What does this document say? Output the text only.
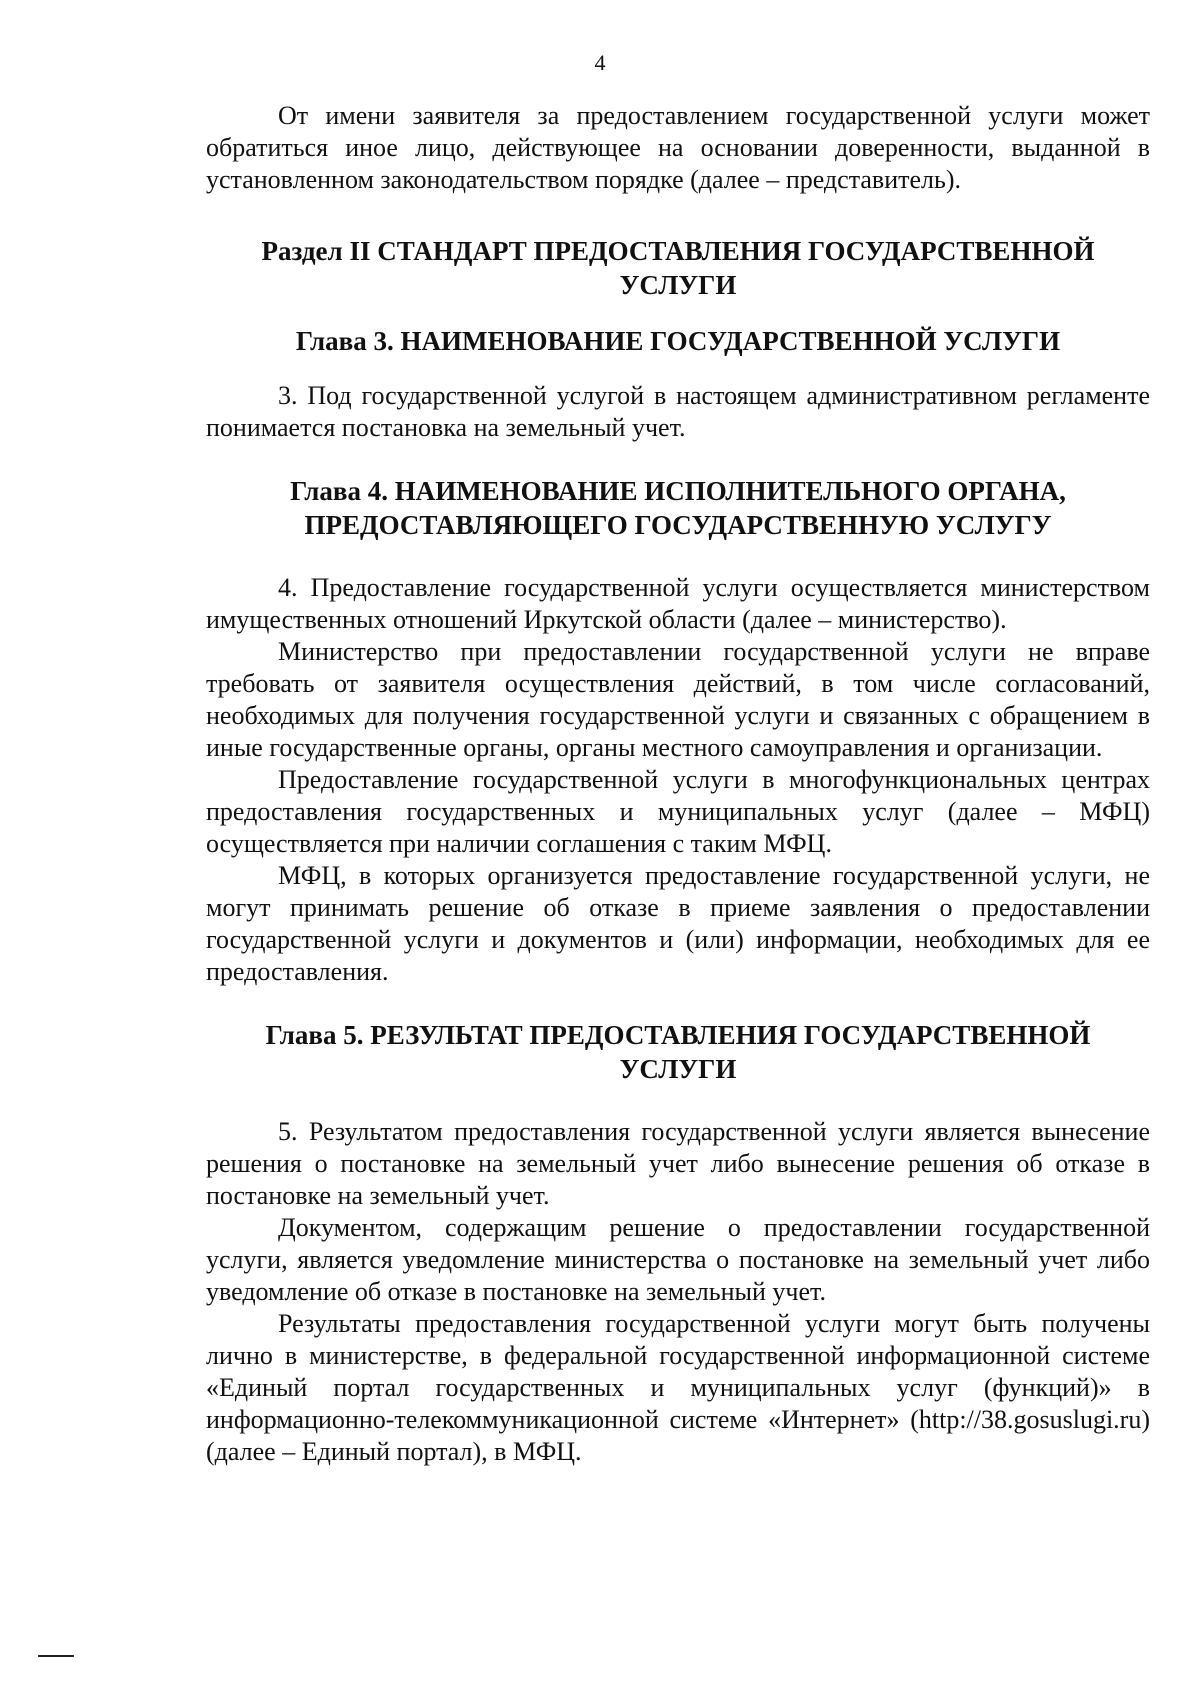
4

От имени заявителя за предоставлением государственной услуги может обратиться иное лицо, действующее на основании доверенности, выданной в установленном законодательством порядке (далее – представитель).

Раздел II СТАНДАРТ ПРЕДОСТАВЛЕНИЯ ГОСУДАРСТВЕННОЙ
УСЛУГИ
Глава 3. НАИМЕНОВАНИЕ ГОСУДАРСТВЕННОЙ УСЛУГИ

3. Под государственной услугой в настоящем административном регламенте понимается постановка на земельный учет.

Глава 4. НАИМЕНОВАНИЕ ИСПОЛНИТЕЛЬНОГО ОРГАНА,
ПРЕДОСТАВЛЯЮЩЕГО ГОСУДАРСТВЕННУЮ УСЛУГУ

4. Предоставление государственной услуги осуществляется министерством имущественных отношений Иркутской области (далее – министерство).

Министерство при предоставлении государственной услуги не вправе требовать от заявителя осуществления действий, в том числе согласований, необходимых для получения государственной услуги и связанных с обращением в иные государственные органы, органы местного самоуправления и организации.

Предоставление государственной услуги в многофункциональных центрах предоставления государственных и муниципальных услуг (далее – МФЦ) осуществляется при наличии соглашения с таким МФЦ.

МФЦ, в которых организуется предоставление государственной услуги, не могут принимать решение об отказе в приеме заявления о предоставлении государственной услуги и документов и (или) информации, необходимых для ее предоставления.

Глава 5. РЕЗУЛЬТАТ ПРЕДОСТАВЛЕНИЯ ГОСУДАРСТВЕННОЙ
УСЛУГИ

5. Результатом предоставления государственной услуги является вынесение решения о постановке на земельный учет либо вынесение решения об отказе в постановке на земельный учет.

Документом, содержащим решение о предоставлении государственной услуги, является уведомление министерства о постановке на земельный учет либо уведомление об отказе в постановке на земельный учет.

Результаты предоставления государственной услуги могут быть получены лично в министерстве, в федеральной государственной информационной системе «Единый портал государственных и муниципальных услуг (функций)» в информационно-телекоммуникационной системе «Интернет» (http://38.gosuslugi.ru) (далее – Единый портал), в МФЦ.
